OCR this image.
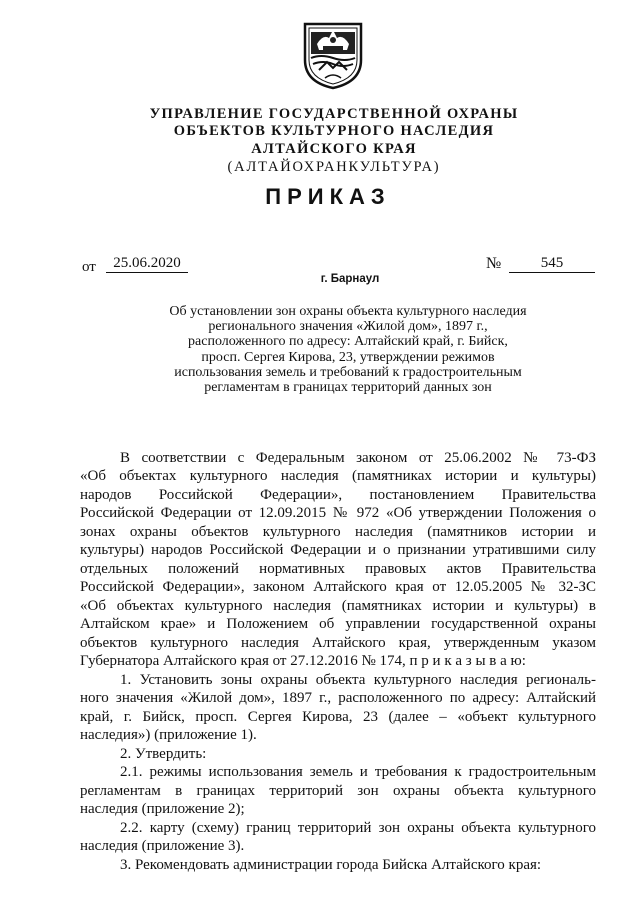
УПРАВЛЕНИЕ ГОСУДАРСТВЕННОЙ ОХРАНЫ
ОБЪЕКТОВ КУЛЬТУРНОГО НАСЛЕДИЯ
АЛТАЙСКОГО КРАЯ
(АЛТАЙОХРАНКУЛЬТУРА)
ПРИКАЗ
от	25.06.2020	№	545
г. Барнаул
Об установлении зон охраны объекта культурного наследия
регионального значения «Жилой дом», 1897 г.,
расположенного по адресу: Алтайский край, г. Бийск,
просп. Сергея Кирова, 23, утверждении режимов
использования земель и требований к градостроительным
регламентам в границах территорий данных зон
В соответствии с Федеральным законом от 25.06.2002 № 73-ФЗ
«Об объектах культурного наследия (памятниках истории и культуры)
народов Российской Федерации», постановлением Правительства
Российской Федерации от 12.09.2015 № 972 «Об утверждении Положения о
зонах охраны объектов культурного наследия (памятников истории и
культуры) народов Российской Федерации и о признании утратившими силу
отдельных положений нормативных правовых актов Правительства
Российской Федерации», законом Алтайского края от 12.05.2005 № 32-ЗС
«Об объектах культурного наследия (памятниках истории и культуры) в
Алтайском крае» и Положением об управлении государственной охраны
объектов культурного наследия Алтайского края, утвержденным указом
Губернатора Алтайского края от 27.12.2016 № 174, п р и к а з ы в а ю:
1. Установить зоны охраны объекта культурного наследия региональ-
ного значения «Жилой дом», 1897 г., расположенного по адресу: Алтайский
край, г. Бийск, просп. Сергея Кирова, 23 (далее – «объект культурного
наследия») (приложение 1).
2. Утвердить:
2.1. режимы использования земель и требования к градостроительным
регламентам в границах территорий зон охраны объекта культурного
наследия (приложение 2);
2.2. карту (схему) границ территорий зон охраны объекта культурного
наследия (приложение 3).
3. Рекомендовать администрации города Бийска Алтайского края:
